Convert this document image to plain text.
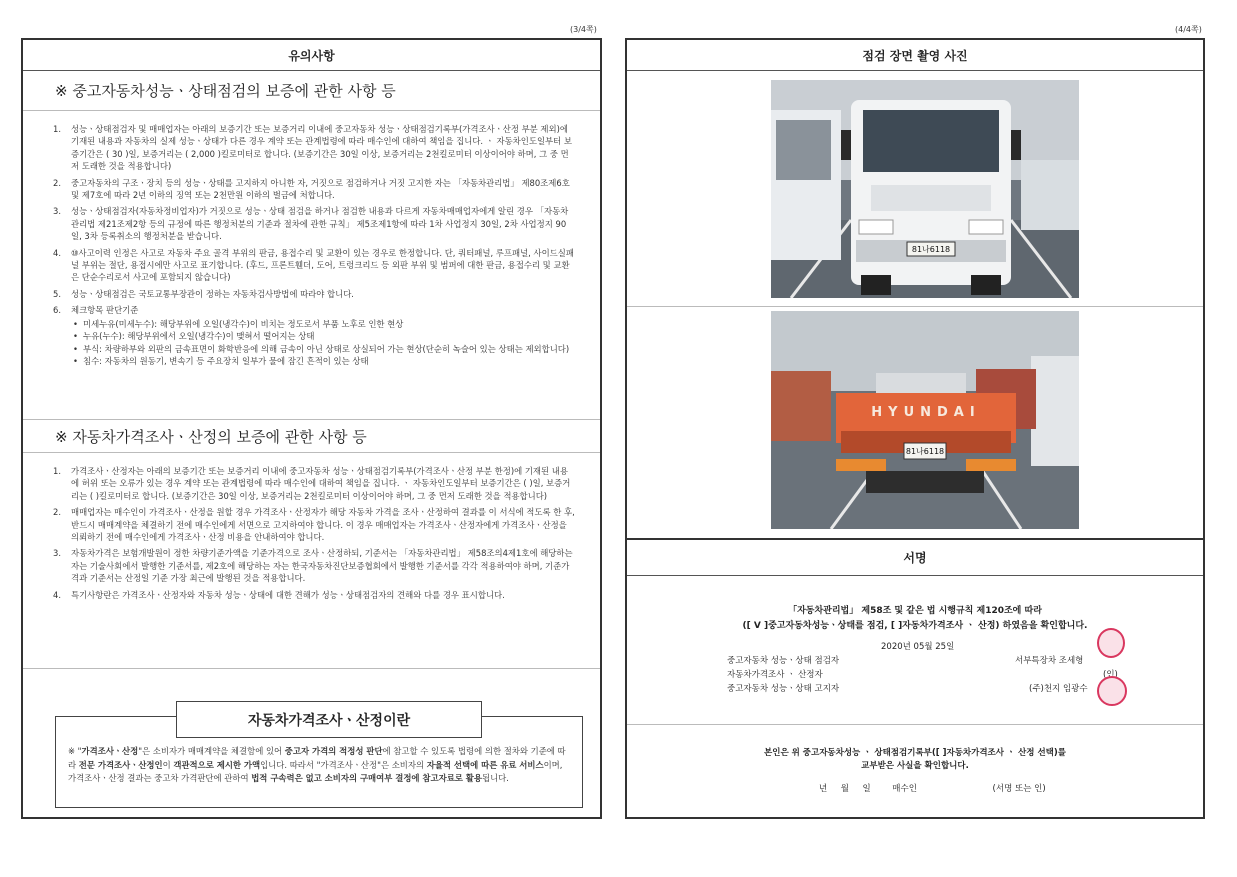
(3/4쪽)	(4/4쪽)
유의사항
※ 중고자동차성능ㆍ상태점검의 보증에 관한 사항 등
1. 성능ㆍ상태점검자 및 매매업자는 아래의 보증기간 또는 보증거리 이내에 중고자동차 성능ㆍ상태점검기록부(가격조사ㆍ산정 부분 제외)에 기재된 내용과 자동차의 실제 성능ㆍ상태가 다른 경우 계약 또는 관계법령에 따라 매수인에 대하여 책임을 집니다. ㆍ 자동차인도일부터 보증기간은 ( 30 )일, 보증거리는 ( 2,000 )킬로미터로 합니다. (보증기간은 30일 이상, 보증거리는 2천킬로미터 이상이어야 하며, 그 중 먼저 도래한 것을 적용합니다)
2. 중고자동차의 구조ㆍ장치 등의 성능ㆍ상태를 고지하지 아니한 자, 거짓으로 점검하거나 거짓 고지한 자는 「자동차관리법」 제80조제6호 및 제7호에 따라 2년 이하의 징역 또는 2천만원 이하의 벌금에 처합니다.
3. 성능ㆍ상태점검자(자동차정비업자)가 거짓으로 성능ㆍ상태 점검을 하거나 점검한 내용과 다르게 자동차매매업자에게 알린 경우 「자동차관리법 제21조제2항 등의 규정에 따른 행정처분의 기준과 절차에 관한 규칙」 제5조제1항에 따라 1차 사업정지 30일, 2차 사업정지 90일, 3차 등록취소의 행정처분을 받습니다.
4. ⑩사고이력 인정은 사고로 자동차 주요 골격 부위의 판금, 용접수리 및 교환이 있는 경우로 한정합니다. 단, 쿼터패널, 루프패널, 사이드실패널 부위는 절단, 용접시에만 사고로 표기합니다. (후드, 프론트휀더, 도어, 트렁크리드 등 외판 부위 및 범퍼에 대한 판금, 용접수리 및 교환은 단순수리로서 사고에 포함되지 않습니다)
5. 성능ㆍ상태점검은 국토교통부장관이 정하는 자동차검사방법에 따라야 합니다.
6. 체크항목 판단기준
• 미세누유(미세누수): 해당부위에 오일(냉각수)이 비치는 정도로서 부품 노후로 인한 현상
• 누유(누수): 해당부위에서 오일(냉각수)이 맺혀서 떨어지는 상태
• 부식: 차량하부와 외판의 금속표면이 화학반응에 의해 금속이 아닌 상태로 상실되어 가는 현상(단순히 녹슬어 있는 상태는 제외합니다)
• 침수: 자동차의 원동기, 변속기 등 주요장치 일부가 물에 잠긴 흔적이 있는 상태
※ 자동차가격조사ㆍ산정의 보증에 관한 사항 등
1. 가격조사ㆍ산정자는 아래의 보증기간 또는 보증거리 이내에 중고자동차 성능ㆍ상태점검기록부(가격조사ㆍ산정 부분 한정)에 기재된 내용에 허위 또는 오류가 있는 경우 계약 또는 관계법령에 따라 매수인에 대하여 책임을 집니다. ㆍ 자동차인도일부터 보증기간은 ( )일, 보증거리는 ( )킬로미터로 합니다. (보증기간은 30일 이상, 보증거리는 2천킬로미터 이상이어야 하며, 그 중 먼저 도래한 것을 적용합니다)
2. 매매업자는 매수인이 가격조사ㆍ산정을 원할 경우 가격조사ㆍ산정자가 해당 자동차 가격을 조사ㆍ산정하여 결과를 이 서식에 적도록 한 후, 반드시 매매계약을 체결하기 전에 매수인에게 서면으로 고지하여야 합니다. 이 경우 매매업자는 가격조사ㆍ산정자에게 가격조사ㆍ산정을 의뢰하기 전에 매수인에게 가격조사ㆍ산정 비용을 안내하여야 합니다.
3. 자동차가격은 보험개발원이 정한 차량기준가액을 기준가격으로 조사ㆍ산정하되, 기준서는 「자동차관리법」 제58조의4제1호에 해당하는 자는 기술사회에서 발행한 기준서를, 제2호에 해당하는 자는 한국자동차진단보증협회에서 발행한 기준서를 각각 적용하여야 하며, 기준가격과 기준서는 산정일 기준 가장 최근에 발행된 것을 적용합니다.
4. 특기사항란은 가격조사ㆍ산정자와 자동차 성능ㆍ상태에 대한 견해가 성능ㆍ상태점검자의 견해와 다를 경우 표시합니다.
자동차가격조사ㆍ산정이란
※ "가격조사ㆍ산정"은 소비자가 매매계약을 체결함에 있어 중고자 가격의 적정성 판단에 참고할 수 있도록 법령에 의한 절차와 기준에 따라 전문 가격조사ㆍ산정인이 객관적으로 제시한 가액입니다. 따라서 "가격조사ㆍ산정"은 소비자의 자율적 선택에 따른 유료 서비스이며, 가격조사ㆍ산정 결과는 중고차 가격판단에 관하여 법적 구속력은 없고 소비자의 구매여부 결정에 참고자료로 활용됩니다.
점검 장면 촬영 사진
81나6118
HYUNDAI
81나6118
서명
「자동차관리법」 제58조 및 같은 법 시행규칙 제120조에 따라
([ V ]중고자동차성능ㆍ상태를 점검, [ ]자동차가격조사 ㆍ 산정) 하였음을 확인합니다.
2020년 05월 25일
중고자동차 성능ㆍ상태 점검자	서부특장차 조세형
자동차가격조사 ㆍ 산정자	(인)
중고자동차 성능ㆍ상태 고지자	(주)천지 임광수
본인은 위 중고자동차성능 ㆍ 상태점검기록부([ ]자동차가격조사 ㆍ 산정 선택)를
교부받은 사실을 확인합니다.
년     월     일        매수인                            (서명 또는 인)
